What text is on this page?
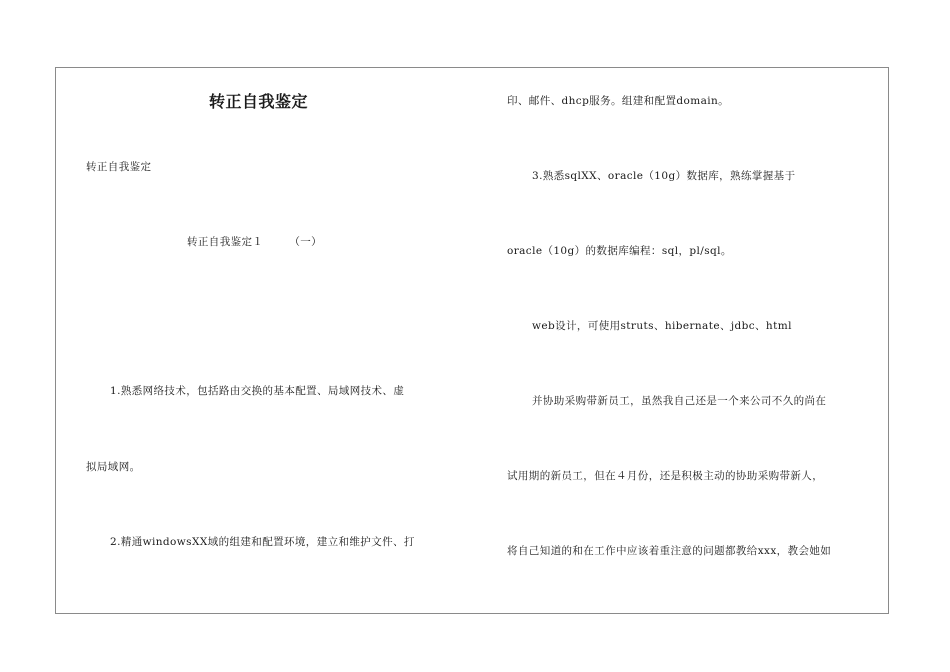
转正自我鉴定
转正自我鉴定
转正自我鉴定１ （一）
1.熟悉网络技术，包括路由交换的基本配置、局域网技术、虚
拟局域网。
2.精通windowsXX域的组建和配置环境，建立和维护文件、打
印、邮件、dhcp服务。组建和配置domain。
3.熟悉sqlXX、oracle（10g）数据库，熟练掌握基于
oracle（10g）的数据库编程：sql，pl/sql。
web设计，可使用struts、hibernate、jdbc、html
并协助采购带新员工，虽然我自己还是一个来公司不久的尚在
试用期的新员工，但在４月份，还是积极主动的协助采购带新人，
将自己知道的和在工作中应该着重注意的问题都教给xxx，教会她如
